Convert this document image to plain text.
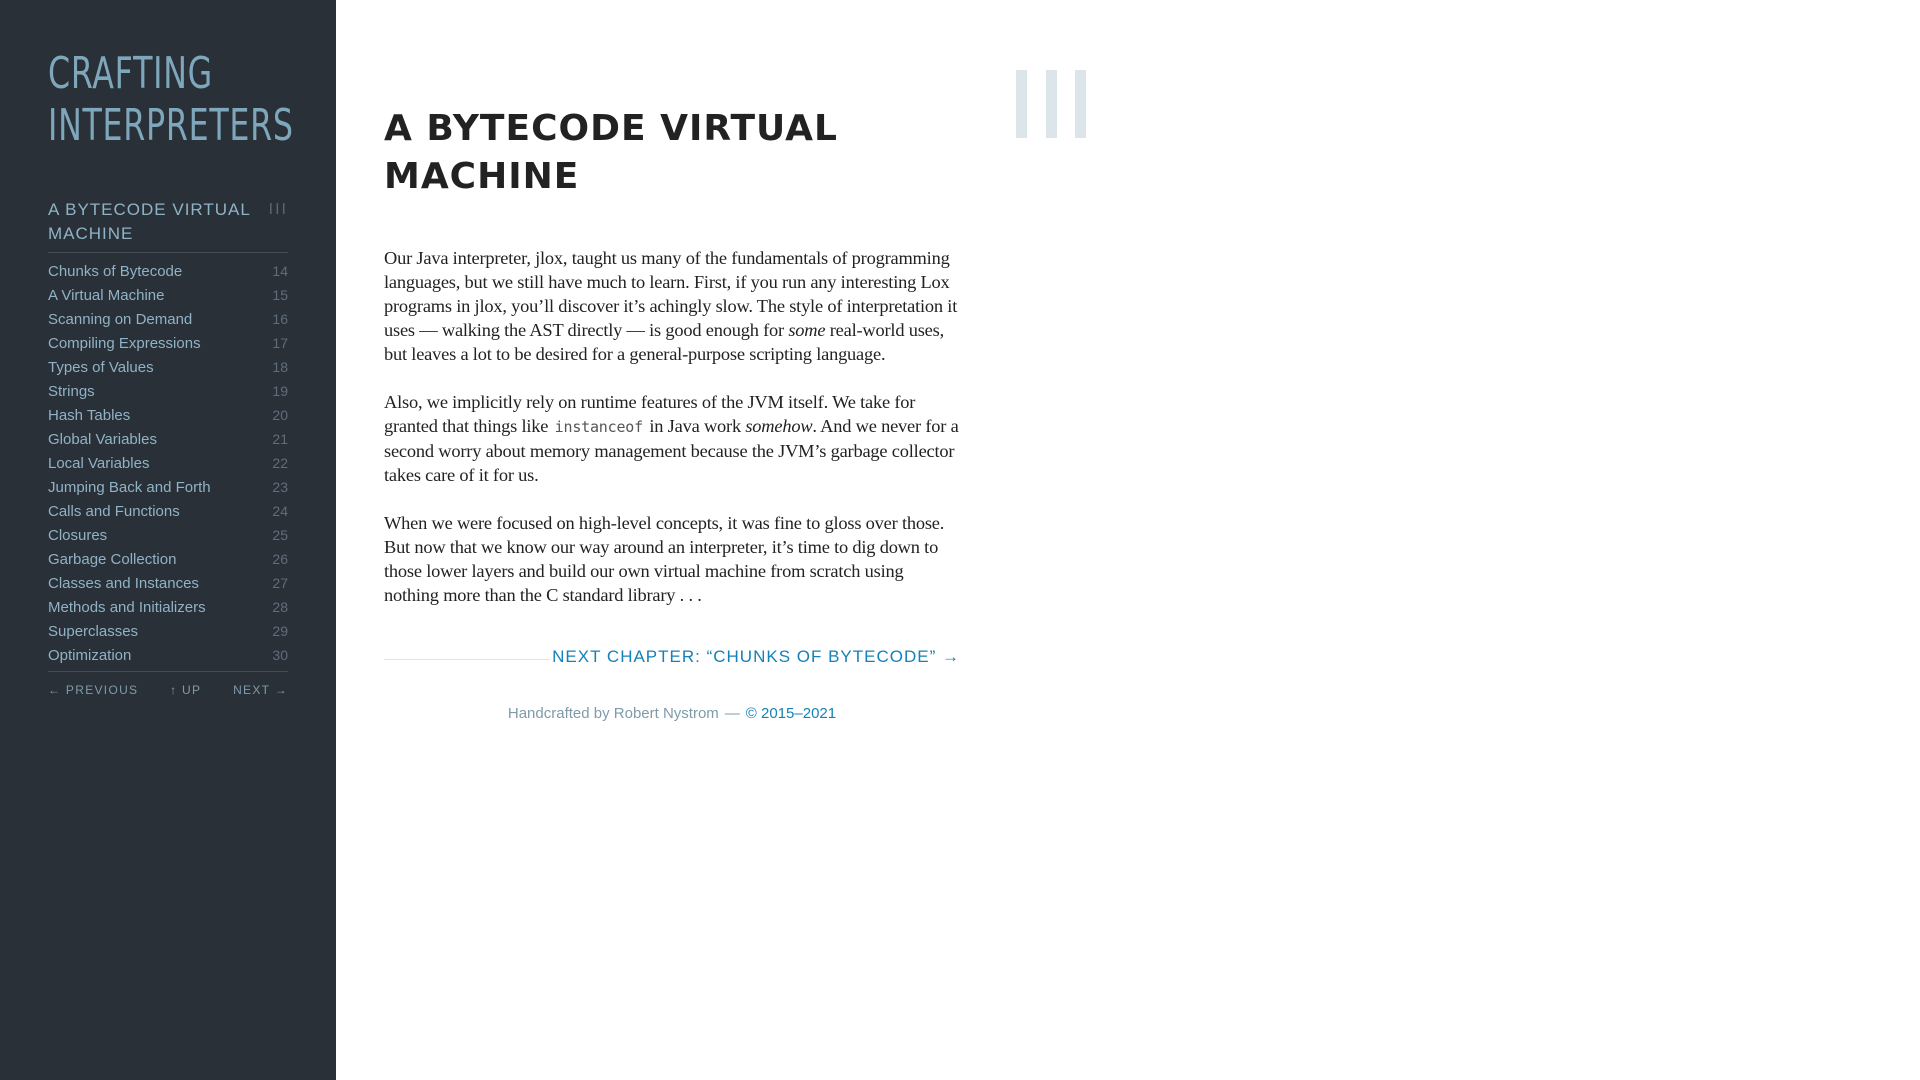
CRAFTING
INTERPRETERS
A BYTECODE VIRTUAL MACHINE
III
Chunks of Bytecode	14
A Virtual Machine	15
Scanning on Demand	16
Compiling Expressions	17
Types of Values	18
Strings	19
Hash Tables	20
Global Variables	21
Local Variables	22
Jumping Back and Forth	23
Calls and Functions	24
Closures	25
Garbage Collection	26
Classes and Instances	27
Methods and Initializers	28
Superclasses	29
Optimization	30
← PREVIOUS	↑ UP	NEXT →
A BYTECODE VIRTUAL MACHINE

Our Java interpreter, jlox, taught us many of the fundamentals of programming languages, but we still have much to learn. First, if you run any interesting Lox programs in jlox, you’ll discover it’s achingly slow. The style of interpretation it uses — walking the AST directly — is good enough for some real-world uses, but leaves a lot to be desired for a general-purpose scripting language.

Also, we implicitly rely on runtime features of the JVM itself. We take for granted that things like instanceof in Java work somehow. And we never for a second worry about memory management because the JVM’s garbage collector takes care of it for us.

When we were focused on high-level concepts, it was fine to gloss over those. But now that we know our way around an interpreter, it’s time to dig down to those lower layers and build our own virtual machine from scratch using nothing more than the C standard library . . .

NEXT CHAPTER: “CHUNKS OF BYTECODE” →
Handcrafted by Robert Nystrom — © 2015–2021
